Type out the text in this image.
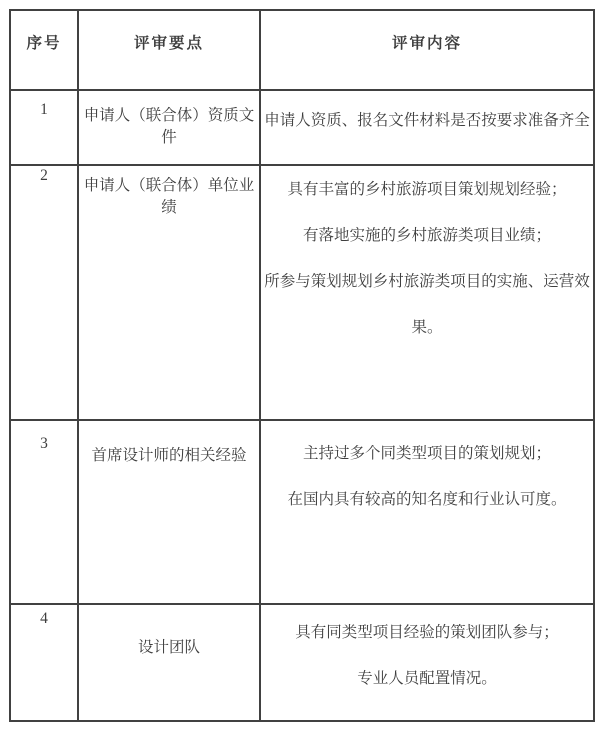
序号	评审要点	评审内容
1	申请人（联合体）资质文件	申请人资质、报名文件材料是否按要求准备齐全

2	申请人（联合体）单位业绩	具有丰富的乡村旅游项目策划规划经验；
有落地实施的乡村旅游类项目业绩；
所参与策划规划乡村旅游类项目的实施、运营效果。

3	首席设计师的相关经验	主持过多个同类型项目的策划规划；
在国内具有较高的知名度和行业认可度。

4	设计团队	具有同类型项目经验的策划团队参与；
专业人员配置情况。
